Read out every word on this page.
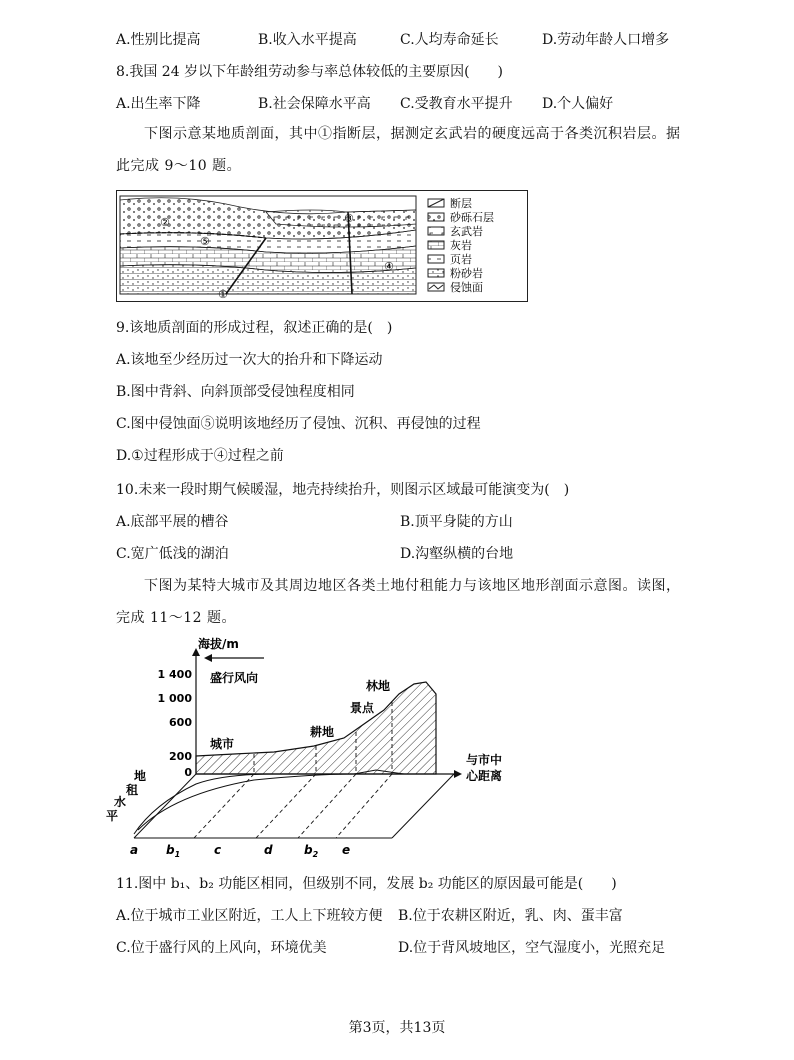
A.性别比提高	B.收入水平提高	C.人均寿命延长	D.劳动年龄人口增多
8.我国 24 岁以下年龄组劳动参与率总体较低的主要原因(　　)
A.出生率下降	B.社会保障水平高 C.受教育水平提升 D.个人偏好
下图示意某地质剖面，其中①指断层，据测定玄武岩的硬度远高于各类沉积岩层。据此完成 9～10 题。
②
⑤
③
④
①
断层
砂砾石层
玄武岩
灰岩
页岩
粉砂岩
侵蚀面
9.该地质剖面的形成过程，叙述正确的是(　)
A.该地至少经历过一次大的抬升和下降运动
B.图中背斜、向斜顶部受侵蚀程度相同
C.图中侵蚀面⑤说明该地经历了侵蚀、沉积、再侵蚀的过程
D.①过程形成于④过程之前
10.未来一段时期气候暖湿，地壳持续抬升，则图示区域最可能演变为(　)
A.底部平展的槽谷	B.顶平身陡的方山
C.宽广低浅的湖泊	D.沟壑纵横的台地
下图为某特大城市及其周边地区各类土地付租能力与该地区地形剖面示意图。读图，完成 11～12 题。
海拔/m
1 400
1 000
600
200
0
盛行风向
与市中
心距离
城市
耕地
景点
林地
地
租
水
平
a $b_1$	c	d	$b_2$ e
11.图中 b₁、b₂ 功能区相同，但级别不同，发展 b₂ 功能区的原因最可能是(　　)
A.位于城市工业区附近，工人上下班较方便 B.位于农耕区附近，乳、肉、蛋丰富
C.位于盛行风的上风向，环境优美	D.位于背风坡地区，空气湿度小，光照充足
第3页，共13页
